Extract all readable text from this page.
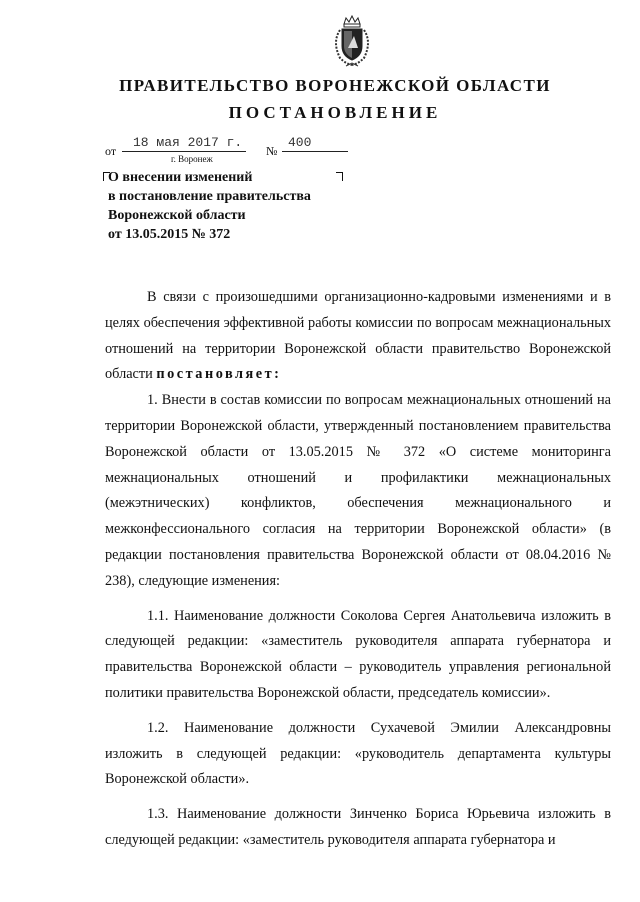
ПРАВИТЕЛЬСТВО ВОРОНЕЖСКОЙ ОБЛАСТИ
ПОСТАНОВЛЕНИЕ
от
18 мая 2017 г.
№
400
г. Воронеж
О внесении изменений
в постановление правительства
Воронежской области
от 13.05.2015 № 372

В связи с произошедшими организационно-кадровыми изменениями и в целях обеспечения эффективной работы комиссии по вопросам межнациональных отношений на территории Воронежской области правительство Воронежской области постановляет:

1. Внести в состав комиссии по вопросам межнациональных отношений на территории Воронежской области, утвержденный постановлением правительства Воронежской области от 13.05.2015 № 372 «О системе мониторинга межнациональных отношений и профилактики межнациональных (межэтнических) конфликтов, обеспечения межнационального и межконфессионального согласия на территории Воронежской области» (в редакции постановления правительства Воронежской области от 08.04.2016 № 238), следующие изменения:

1.1. Наименование должности Соколова Сергея Анатольевича изложить в следующей редакции: «заместитель руководителя аппарата губернатора и правительства Воронежской области – руководитель управления региональной политики правительства Воронежской области, председатель комиссии».

1.2. Наименование должности Сухачевой Эмилии Александровны изложить в следующей редакции: «руководитель департамента культуры Воронежской области».

1.3. Наименование должности Зинченко Бориса Юрьевича изложить в следующей редакции: «заместитель руководителя аппарата губернатора и
